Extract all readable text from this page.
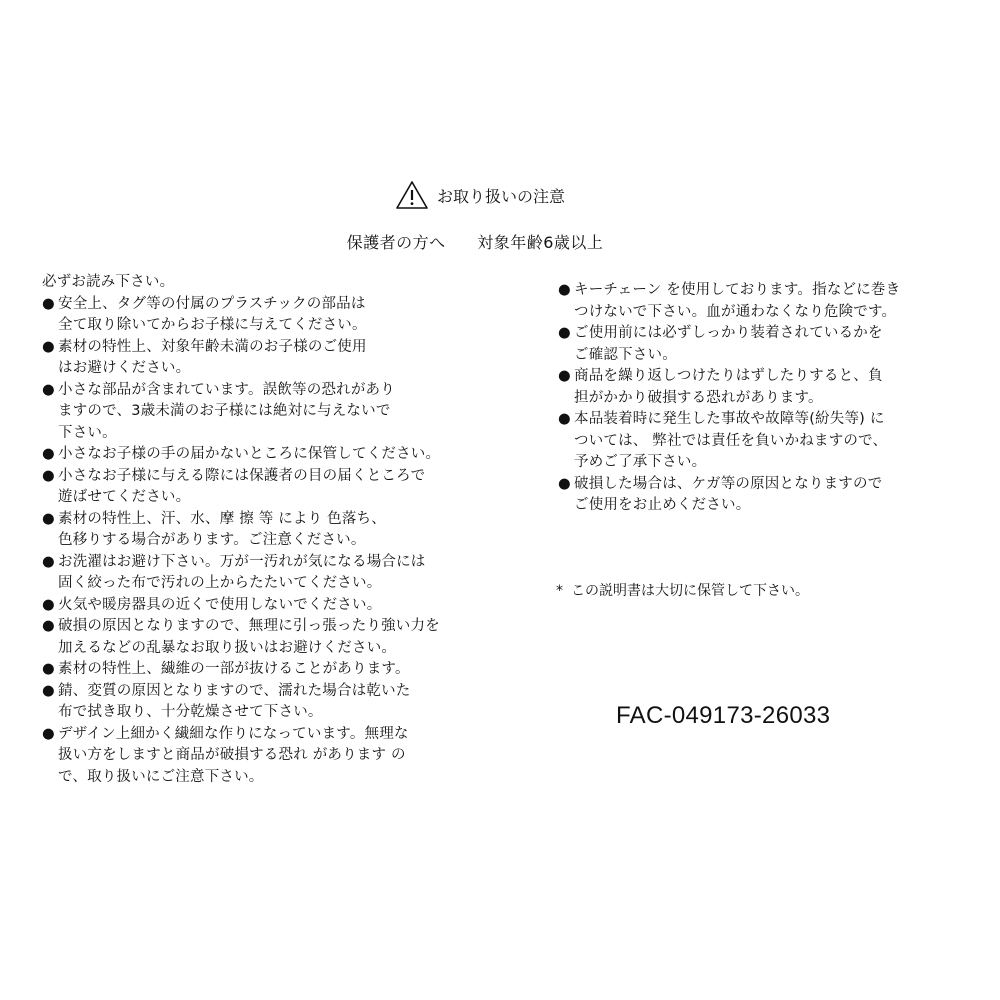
お取り扱いの注意
保護者の方へ 対象年齢6歳以上
必ずお読み下さい。
● 安全上、タグ等の付属のプラスチックの部品は
全て取り除いてからお子様に与えてください。
● 素材の特性上、対象年齢未満のお子様のご使用
はお避けください。
● 小さな部品が含まれています。誤飲等の恐れがあり
ますので、3歳未満のお子様には絶対に与えないで
下さい。
● 小さなお子様の手の届かないところに保管してください。
● 小さなお子様に与える際には保護者の目の届くところで
遊ばせてください。
● 素材の特性上、汗、水、摩 擦 等 により 色落ち、
色移りする場合があります。ご注意ください。
● お洗濯はお避け下さい。万が一汚れが気になる場合には
固く絞った布で汚れの上からたたいてください。
● 火気や暖房器具の近くで使用しないでください。
● 破損の原因となりますので、無理に引っ張ったり強い力を
加えるなどの乱暴なお取り扱いはお避けください。
● 素材の特性上、繊維の一部が抜けることがあります。
● 錆、変質の原因となりますので、濡れた場合は乾いた
布で拭き取り、十分乾燥させて下さい。
● デザイン上細かく繊細な作りになっています。無理な
扱い方をしますと商品が破損する恐れ があります の
で、取り扱いにご注意下さい。
● キーチェーン を使用しております。指などに巻き
つけないで下さい。血が通わなくなり危険です。
● ご使用前には必ずしっかり装着されているかを
ご確認下さい。
● 商品を繰り返しつけたりはずしたりすると、負
担がかかり破損する恐れがあります。
● 本品装着時に発生した事故や故障等(紛失等) に
ついては、 弊社では責任を負いかねますので、
予めご了承下さい。
● 破損した場合は、ケガ等の原因となりますので
ご使用をお止めください。
* この説明書は大切に保管して下さい。
FAC-049173-26033
